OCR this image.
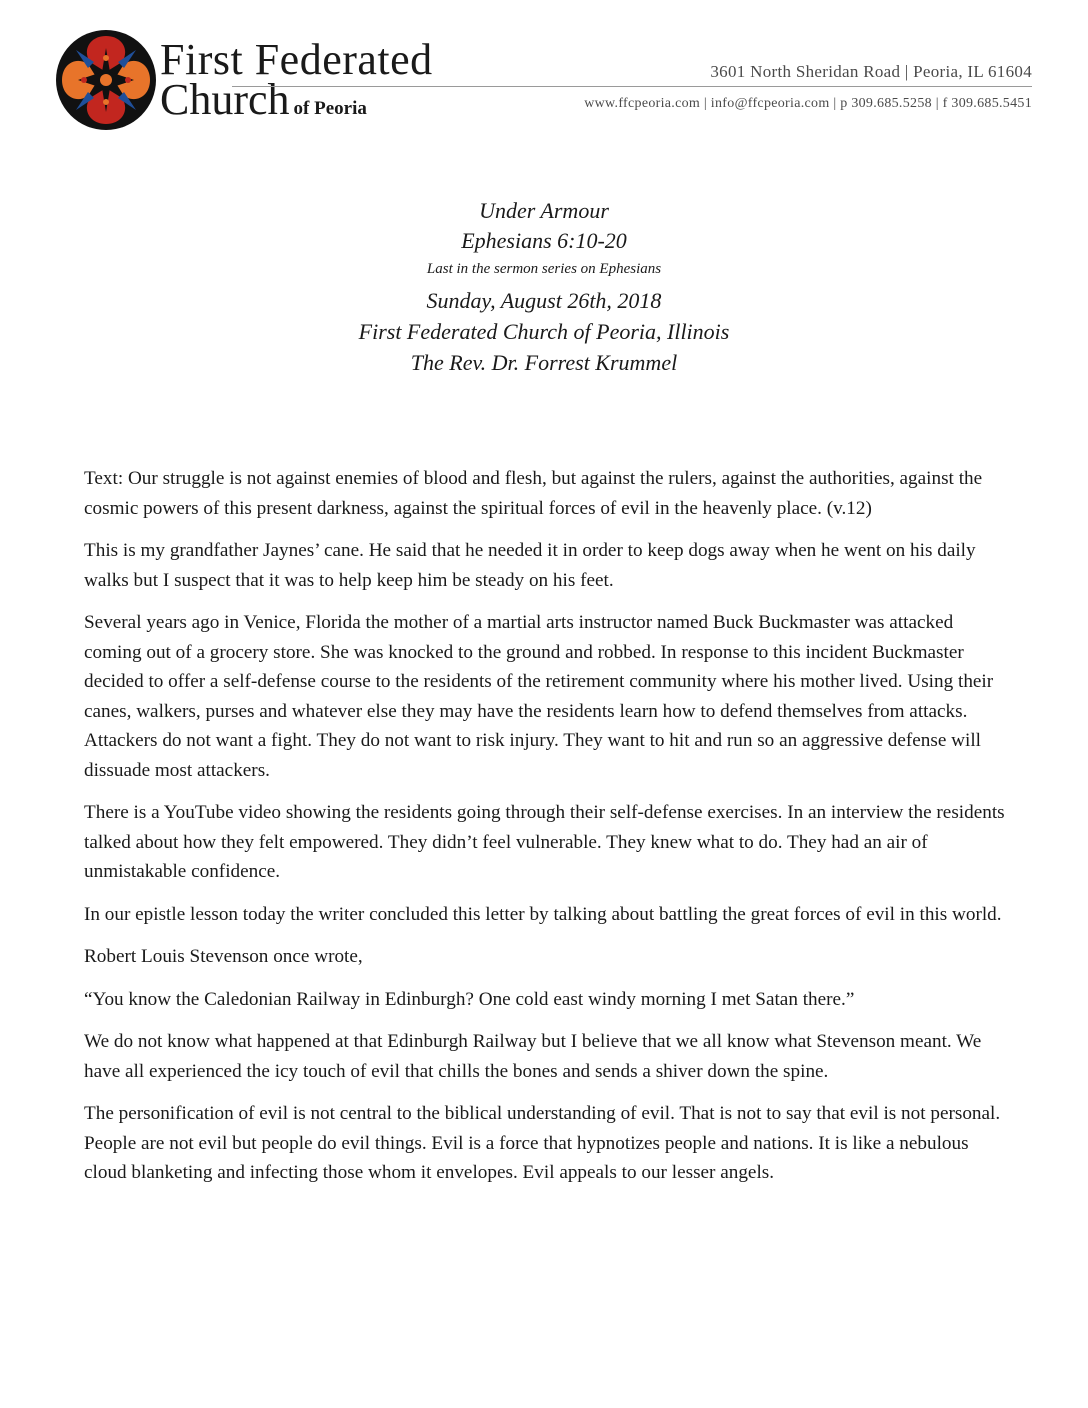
First Federated
Church of Peoria
3601 North Sheridan Road | Peoria, IL 61604
www.ffcpeoria.com | info@ffcpeoria.com | p 309.685.5258 | f 309.685.5451
Under Armour
Ephesians 6:10-20
Last in the sermon series on Ephesians
Sunday, August 26th, 2018
First Federated Church of Peoria, Illinois
The Rev. Dr. Forrest Krummel

Text: Our struggle is not against enemies of blood and flesh, but against the rulers, against the authorities, against the cosmic powers of this present darkness, against the spiritual forces of evil in the heavenly place. (v.12)

This is my grandfather Jaynes’ cane. He said that he needed it in order to keep dogs away when he went on his daily walks but I suspect that it was to help keep him be steady on his feet.

Several years ago in Venice, Florida the mother of a martial arts instructor named Buck Buckmaster was attacked coming out of a grocery store. She was knocked to the ground and robbed. In response to this incident Buckmaster decided to offer a self-defense course to the residents of the retirement community where his mother lived. Using their canes, walkers, purses and whatever else they may have the residents learn how to defend themselves from attacks. Attackers do not want a fight. They do not want to risk injury. They want to hit and run so an aggressive defense will dissuade most attackers.

There is a YouTube video showing the residents going through their self-defense exercises. In an interview the residents talked about how they felt empowered. They didn’t feel vulnerable. They knew what to do. They had an air of unmistakable confidence.

In our epistle lesson today the writer concluded this letter by talking about battling the great forces of evil in this world.

Robert Louis Stevenson once wrote,

“You know the Caledonian Railway in Edinburgh? One cold east windy morning I met Satan there.”

We do not know what happened at that Edinburgh Railway but I believe that we all know what Stevenson meant. We have all experienced the icy touch of evil that chills the bones and sends a shiver down the spine.

The personification of evil is not central to the biblical understanding of evil. That is not to say that evil is not personal. People are not evil but people do evil things. Evil is a force that hypnotizes people and nations. It is like a nebulous cloud blanketing and infecting those whom it envelopes. Evil appeals to our lesser angels.
